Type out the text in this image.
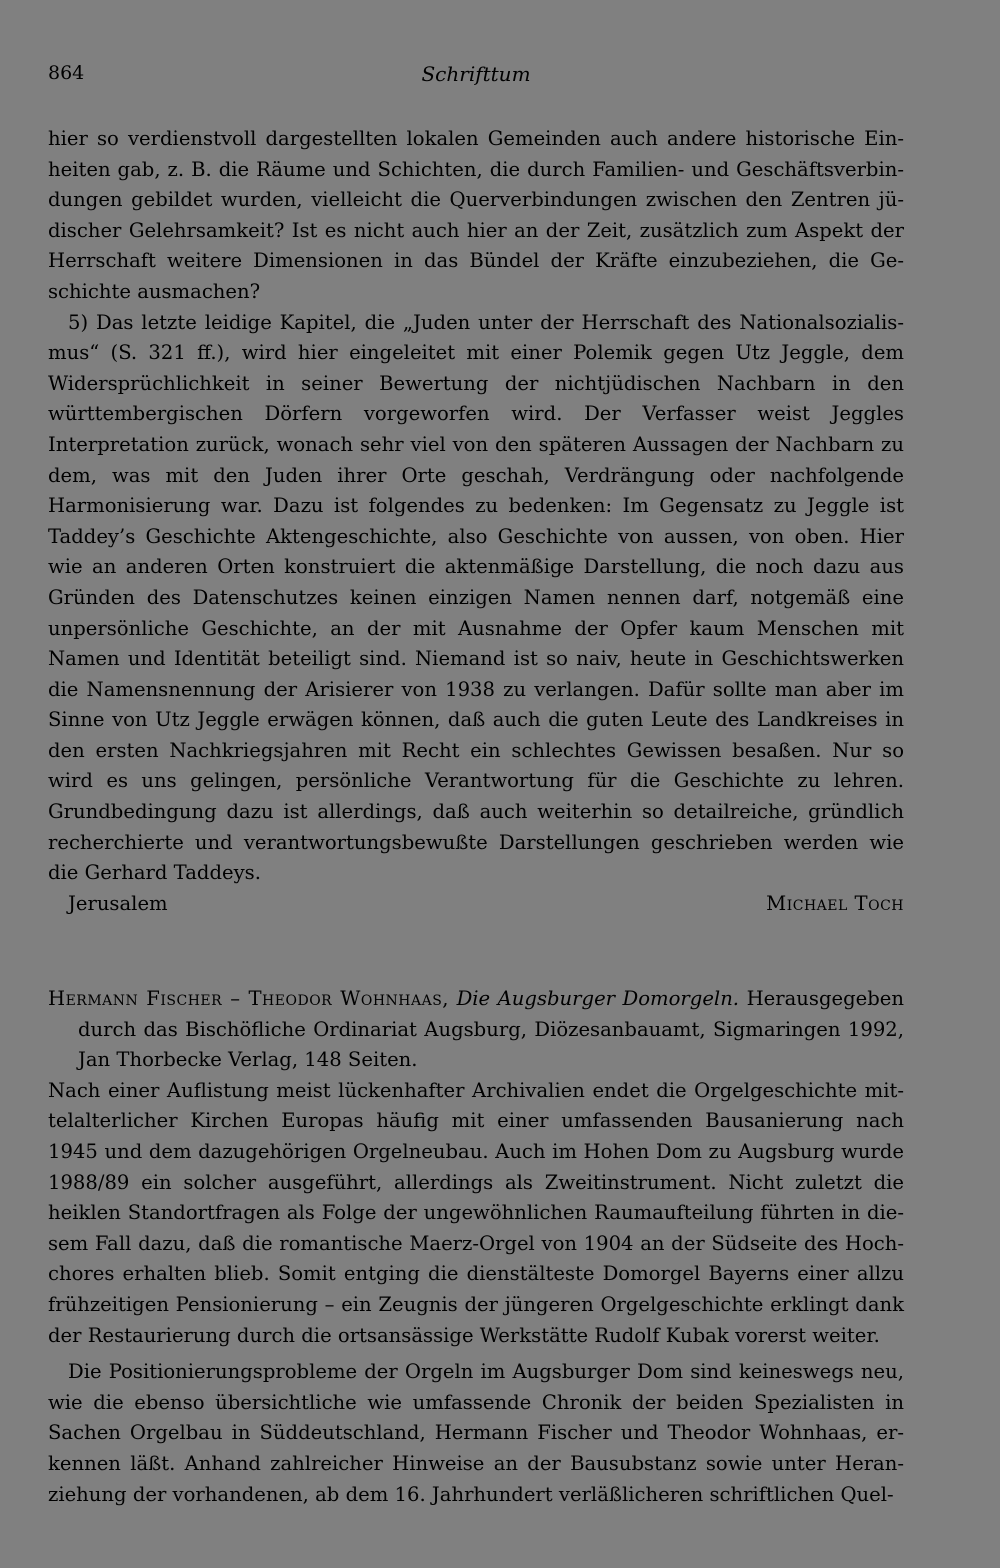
864	Schrifttum

hier so verdienstvoll dargestellten lokalen Gemeinden auch andere historische Einheiten gab, z. B. die Räume und Schichten, die durch Familien- und Geschäftsverbindungen gebildet wurden, vielleicht die Querverbindungen zwischen den Zentren jüdischer Gelehrsamkeit? Ist es nicht auch hier an der Zeit, zusätzlich zum Aspekt der Herrschaft weitere Dimensionen in das Bündel der Kräfte einzubeziehen, die Geschichte ausmachen?

5) Das letzte leidige Kapitel, die „Juden unter der Herrschaft des Nationalsozialismus“ (S. 321 ff.), wird hier eingeleitet mit einer Polemik gegen Utz Jeggle, dem Widersprüchlichkeit in seiner Bewertung der nichtjüdischen Nachbarn in den württembergischen Dörfern vorgeworfen wird. Der Verfasser weist Jeggles Interpretation zurück, wonach sehr viel von den späteren Aussagen der Nachbarn zu dem, was mit den Juden ihrer Orte geschah, Verdrängung oder nachfolgende Harmonisierung war. Dazu ist folgendes zu bedenken: Im Gegensatz zu Jeggle ist Taddey’s Geschichte Aktengeschichte, also Geschichte von aussen, von oben. Hier wie an anderen Orten konstruiert die aktenmäßige Darstellung, die noch dazu aus Gründen des Datenschutzes keinen einzigen Namen nennen darf, notgemäß eine unpersönliche Geschichte, an der mit Ausnahme der Opfer kaum Menschen mit Namen und Identität beteiligt sind. Niemand ist so naiv, heute in Geschichtswerken die Namensnennung der Arisierer von 1938 zu verlangen. Dafür sollte man aber im Sinne von Utz Jeggle erwägen können, daß auch die guten Leute des Landkreises in den ersten Nachkriegsjahren mit Recht ein schlechtes Gewissen besaßen. Nur so wird es uns gelingen, persönliche Verantwortung für die Geschichte zu lehren. Grundbedingung dazu ist allerdings, daß auch weiterhin so detailreiche, gründlich recherchierte und verantwortungsbewußte Darstellungen geschrieben werden wie die Gerhard Taddeys.

Jerusalem	Michael Toch

Hermann Fischer – Theodor Wohnhaas, Die Augsburger Domorgeln. Herausgegeben durch das Bischöfliche Ordinariat Augsburg, Diözesanbauamt, Sigmaringen 1992, Jan Thorbecke Verlag, 148 Seiten.

Nach einer Auflistung meist lückenhafter Archivalien endet die Orgelgeschichte mittelalterlicher Kirchen Europas häufig mit einer umfassenden Bausanierung nach 1945 und dem dazugehörigen Orgelneubau. Auch im Hohen Dom zu Augsburg wurde 1988/89 ein solcher ausgeführt, allerdings als Zweitinstrument. Nicht zuletzt die heiklen Standortfragen als Folge der ungewöhnlichen Raumaufteilung führten in diesem Fall dazu, daß die romantische Maerz-Orgel von 1904 an der Südseite des Hochchores erhalten blieb. Somit entging die dienstälteste Domorgel Bayerns einer allzu frühzeitigen Pensionierung – ein Zeugnis der jüngeren Orgelgeschichte erklingt dank der Restaurierung durch die ortsansässige Werkstätte Rudolf Kubak vorerst weiter.

Die Positionierungsprobleme der Orgeln im Augsburger Dom sind keineswegs neu, wie die ebenso übersichtliche wie umfassende Chronik der beiden Spezialisten in Sachen Orgelbau in Süddeutschland, Hermann Fischer und Theodor Wohnhaas, erkennen läßt. Anhand zahlreicher Hinweise an der Bausubstanz sowie unter Heranziehung der vorhandenen, ab dem 16. Jahrhundert verläßlicheren schriftlichen Quel-
